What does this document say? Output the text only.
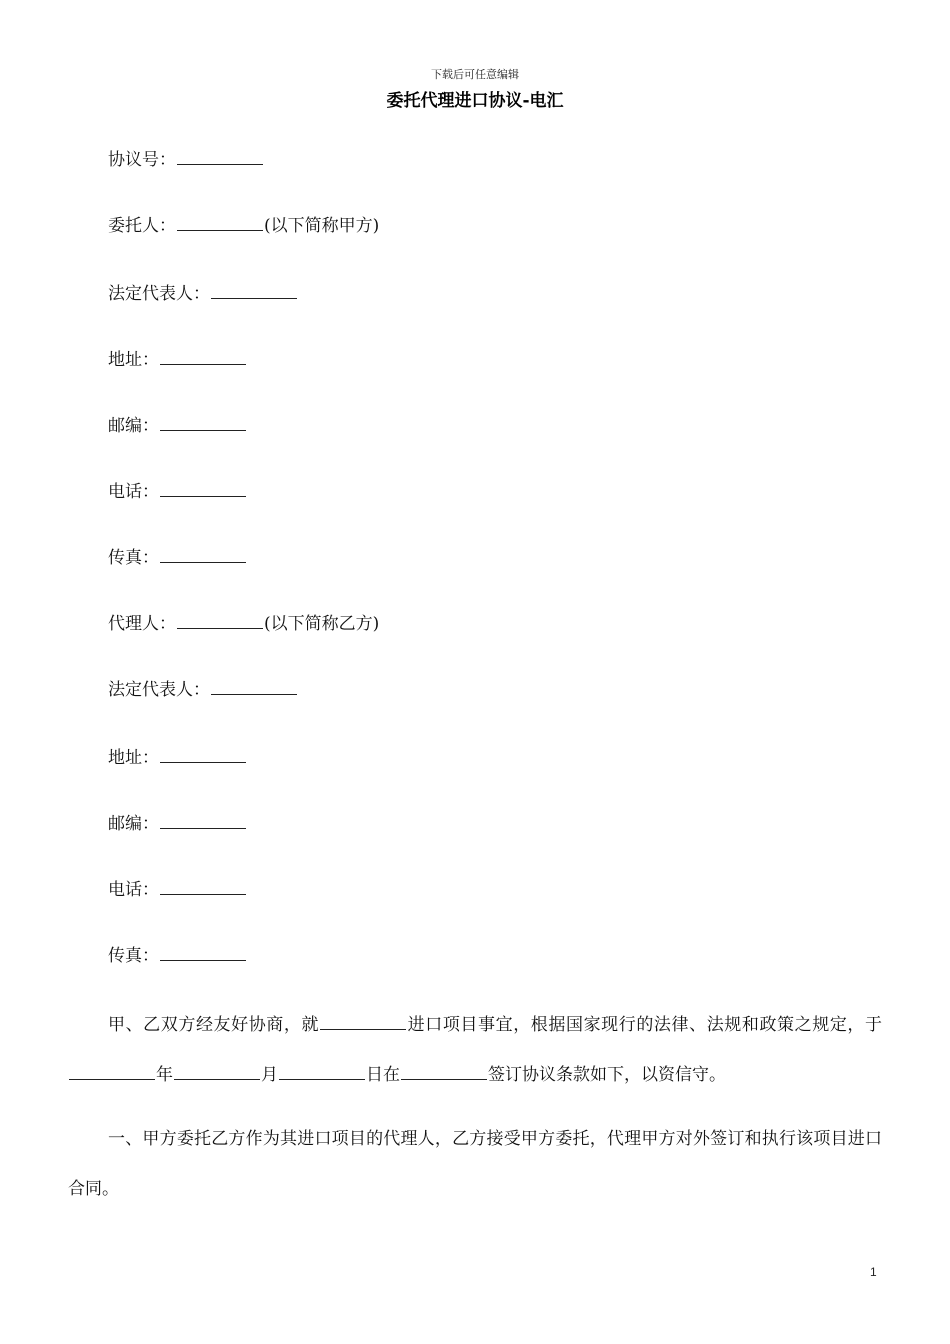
下载后可任意编辑
委托代理进口协议-电汇
协议号：
委托人：	(以下简称甲方)
法定代表人：
地址：
邮编：
电话：
传真：
代理人：	(以下简称乙方)
法定代表人：
地址：
邮编：
电话：
传真：
甲、乙双方经友好协商，就	进口项目事宜，根据国家现行的法律、法规和政策之规定，于年	月	日在	签订协议条款如下，以资信守。
一、甲方委托乙方作为其进口项目的代理人，乙方接受甲方委托，代理甲方对外签订和执行该项目进口合同。
1
